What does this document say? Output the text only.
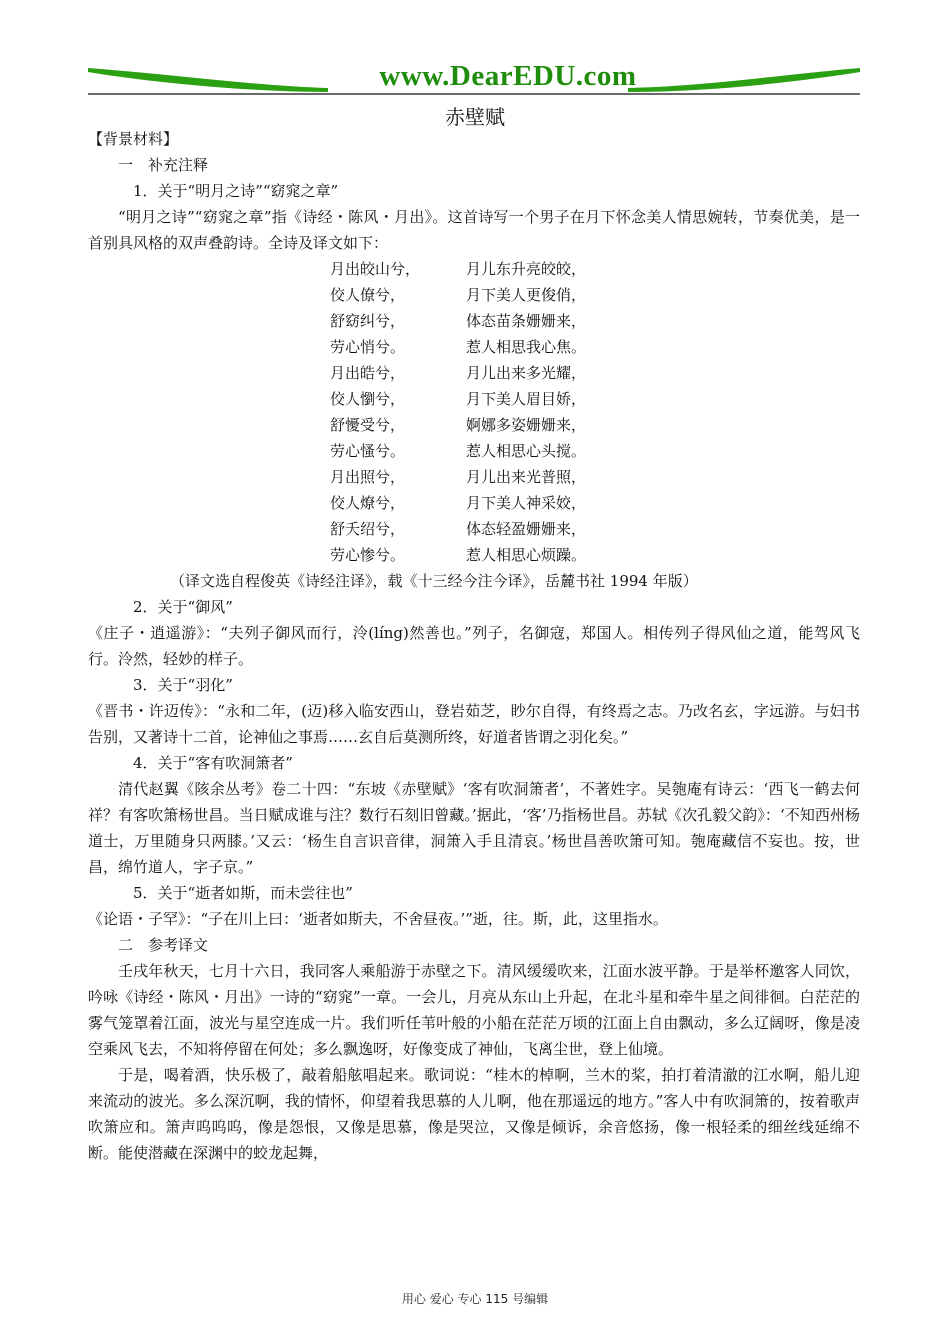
www.DearEDU.com
赤壁赋
【背景材料】
一　补充注释
1．关于“明月之诗”“窈窕之章”
“明月之诗”“窈窕之章”指《诗经・陈风・月出》。这首诗写一个男子在月下怀念美人情思婉转，节奏优美，是一首别具风格的双声叠韵诗。全诗及译文如下：
月出皎山兮，	月儿东升亮皎皎，
佼人僚兮，	月下美人更俊俏，
舒窈纠兮，	体态苗条姗姗来，
劳心悄兮。	惹人相思我心焦。
月出皓兮，	月儿出来多光耀，
佼人懰兮，	月下美人眉目娇，
舒懮受兮，	婀娜多姿姗姗来，
劳心慅兮。	惹人相思心头搅。
月出照兮，	月儿出来光普照，
佼人燎兮，	月下美人神采姣，
舒夭绍兮，	体态轻盈姗姗来，
劳心惨兮。	惹人相思心烦躁。
（译文选自程俊英《诗经注译》，载《十三经今注今译》，岳麓书社 1994 年版）
2．关于“御风”
《庄子・逍遥游》：“夫列子御风而行，泠(líng)然善也。”列子，名御寇，郑国人。相传列子得风仙之道，能驾风飞行。泠然，轻妙的样子。
3．关于“羽化”
《晋书・许迈传》：“永和二年，(迈)移入临安西山，登岩茹芝，眇尔自得，有终焉之志。乃改名玄，字远游。与妇书告别，又著诗十二首，论神仙之事焉……玄自后莫测所终，好道者皆谓之羽化矣。”
4．关于“客有吹洞箫者”
清代赵翼《陔余丛考》卷二十四：“东坡《赤壁赋》‘客有吹洞箫者’，不著姓字。吴匏庵有诗云：‘西飞一鹤去何祥？有客吹箫杨世昌。当日赋成谁与注？数行石刻旧曾藏。’据此，‘客’乃指杨世昌。苏轼《次孔毅父韵》：‘不知西州杨道士，万里随身只两膝。’又云：‘杨生自言识音律，洞箫入手且清哀。’杨世昌善吹箫可知。匏庵藏信不妄也。按，世昌，绵竹道人，字子京。”
5．关于“逝者如斯，而未尝往也”
《论语・子罕》：“子在川上曰：‘逝者如斯夫，不舍昼夜。’”逝，往。斯，此，这里指水。
二　参考译文
壬戌年秋天，七月十六日，我同客人乘船游于赤壁之下。清风缓缓吹来，江面水波平静。于是举杯邀客人同饮，吟咏《诗经・陈风・月出》一诗的“窈窕”一章。一会儿，月亮从东山上升起，在北斗星和牵牛星之间徘徊。白茫茫的雾气笼罩着江面，波光与星空连成一片。我们听任苇叶般的小船在茫茫万顷的江面上自由飘动，多么辽阔呀，像是凌空乘风飞去，不知将停留在何处；多么飘逸呀，好像变成了神仙，飞离尘世，登上仙境。
于是，喝着酒，快乐极了，敲着船舷唱起来。歌词说：“桂木的棹啊，兰木的桨，拍打着清澈的江水啊，船儿迎来流动的波光。多么深沉啊，我的情怀，仰望着我思慕的人儿啊，他在那遥远的地方。”客人中有吹洞箫的，按着歌声吹箫应和。箫声呜呜呜，像是怨恨，又像是思慕，像是哭泣，又像是倾诉，余音悠扬，像一根轻柔的细丝线延绵不断。能使潜藏在深渊中的蛟龙起舞，
用心 爱心 专心 115 号编辑
